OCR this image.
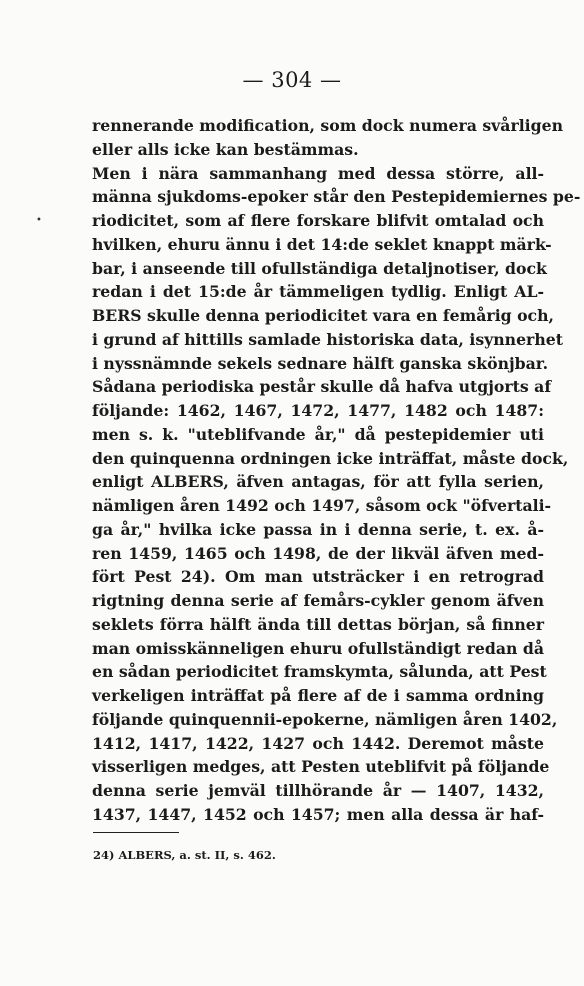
— 304 —
•
rennerande modification, som dock numera svårligen
eller alls icke kan bestämmas.
Men i nära sammanhang med dessa större, all-
männa sjukdoms-epoker står den Pestepidemiernes pe-
riodicitet, som af flere forskare blifvit omtalad och
hvilken, ehuru ännu i det 14:de seklet knappt märk-
bar, i anseende till ofullständiga detaljnotiser, dock
redan i det 15:de år tämmeligen tydlig. Enligt AL-
BERS skulle denna periodicitet vara en femårig och,
i grund af hittills samlade historiska data, isynnerhet
i nyssnämnde sekels sednare hälft ganska skönjbar.
Sådana periodiska pestår skulle då hafva utgjorts af
följande: 1462, 1467, 1472, 1477, 1482 och 1487:
men s. k. "uteblifvande år," då pestepidemier uti
den quinquenna ordningen icke inträffat, måste dock,
enligt ALBERS, äfven antagas, för att fylla serien,
nämligen åren 1492 och 1497, såsom ock "öfvertali-
ga år," hvilka icke passa in i denna serie, t. ex. å-
ren 1459, 1465 och 1498, de der likväl äfven med-
fört Pest 24). Om man utsträcker i en retrograd
rigtning denna serie af femårs-cykler genom äfven
seklets förra hälft ända till dettas början, så finner
man omisskänneligen ehuru ofullständigt redan då
en sådan periodicitet framskymta, sålunda, att Pest
verkeligen inträffat på flere af de i samma ordning
följande quinquennii-epokerne, nämligen åren 1402,
1412, 1417, 1422, 1427 och 1442. Deremot måste
visserligen medges, att Pesten uteblifvit på följande
denna serie jemväl tillhörande år — 1407, 1432,
1437, 1447, 1452 och 1457; men alla dessa är haf-
24) ALBERS, a. st. II, s. 462.
